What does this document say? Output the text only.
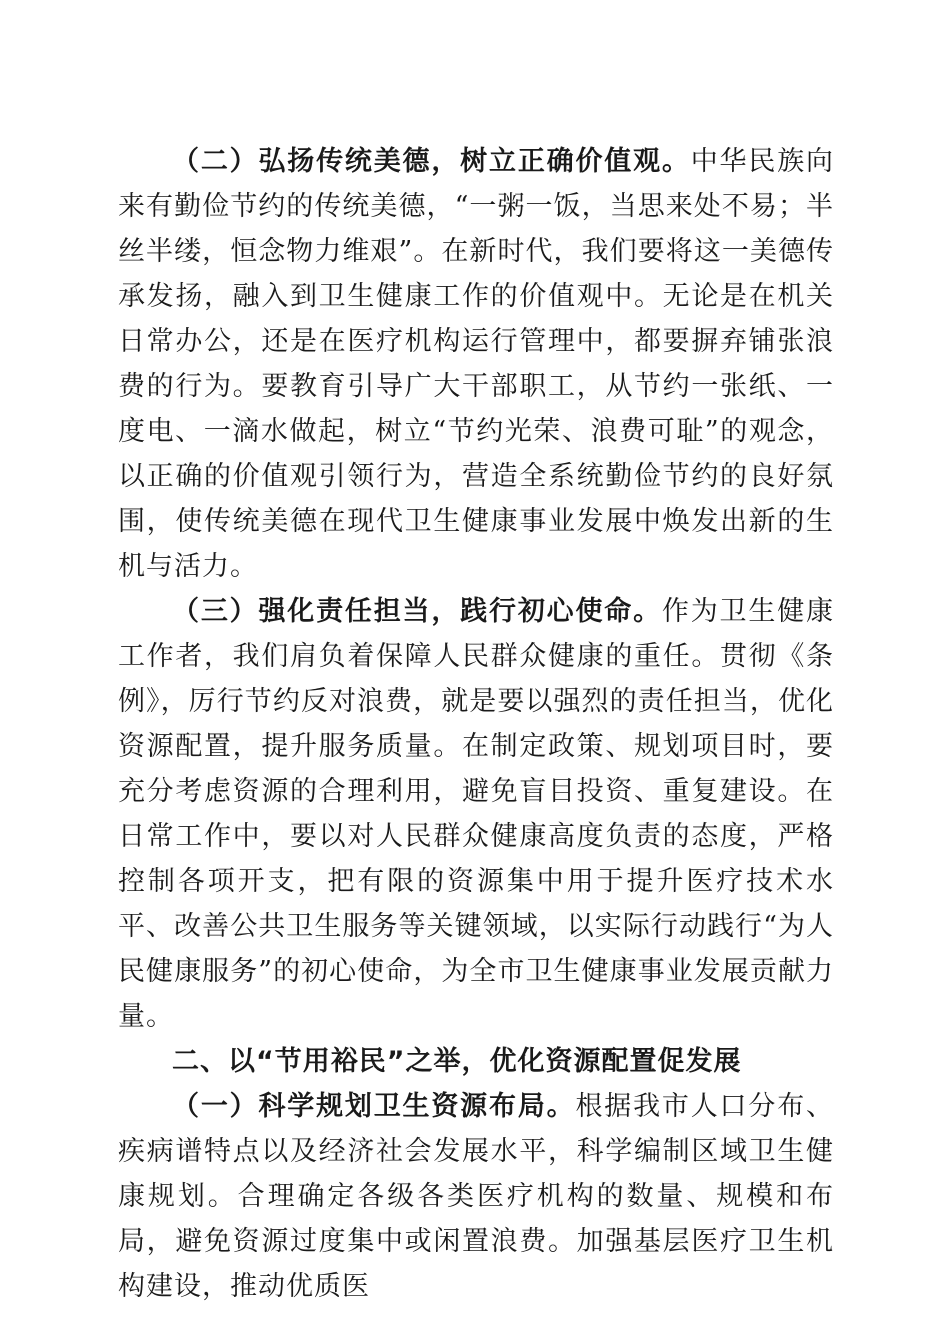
（二）弘扬传统美德，树立正确价值观。中华民族向来有勤俭节约的传统美德，“一粥一饭，当思来处不易；半丝半缕，恒念物力维艰”。在新时代，我们要将这一美德传承发扬，融入到卫生健康工作的价值观中。无论是在机关日常办公，还是在医疗机构运行管理中，都要摒弃铺张浪费的行为。要教育引导广大干部职工，从节约一张纸、一度电、一滴水做起，树立“节约光荣、浪费可耻”的观念，以正确的价值观引领行为，营造全系统勤俭节约的良好氛围，使传统美德在现代卫生健康事业发展中焕发出新的生机与活力。

（三）强化责任担当，践行初心使命。作为卫生健康工作者，我们肩负着保障人民群众健康的重任。贯彻《条例》，厉行节约反对浪费，就是要以强烈的责任担当，优化资源配置，提升服务质量。在制定政策、规划项目时，要充分考虑资源的合理利用，避免盲目投资、重复建设。在日常工作中，要以对人民群众健康高度负责的态度，严格控制各项开支，把有限的资源集中用于提升医疗技术水平、改善公共卫生服务等关键领域，以实际行动践行“为人民健康服务”的初心使命，为全市卫生健康事业发展贡献力量。

二、以“节用裕民”之举，优化资源配置促发展

（一）科学规划卫生资源布局。根据我市人口分布、疾病谱特点以及经济社会发展水平，科学编制区域卫生健康规划。合理确定各级各类医疗机构的数量、规模和布局，避免资源过度集中或闲置浪费。加强基层医疗卫生机构建设，推动优质医
